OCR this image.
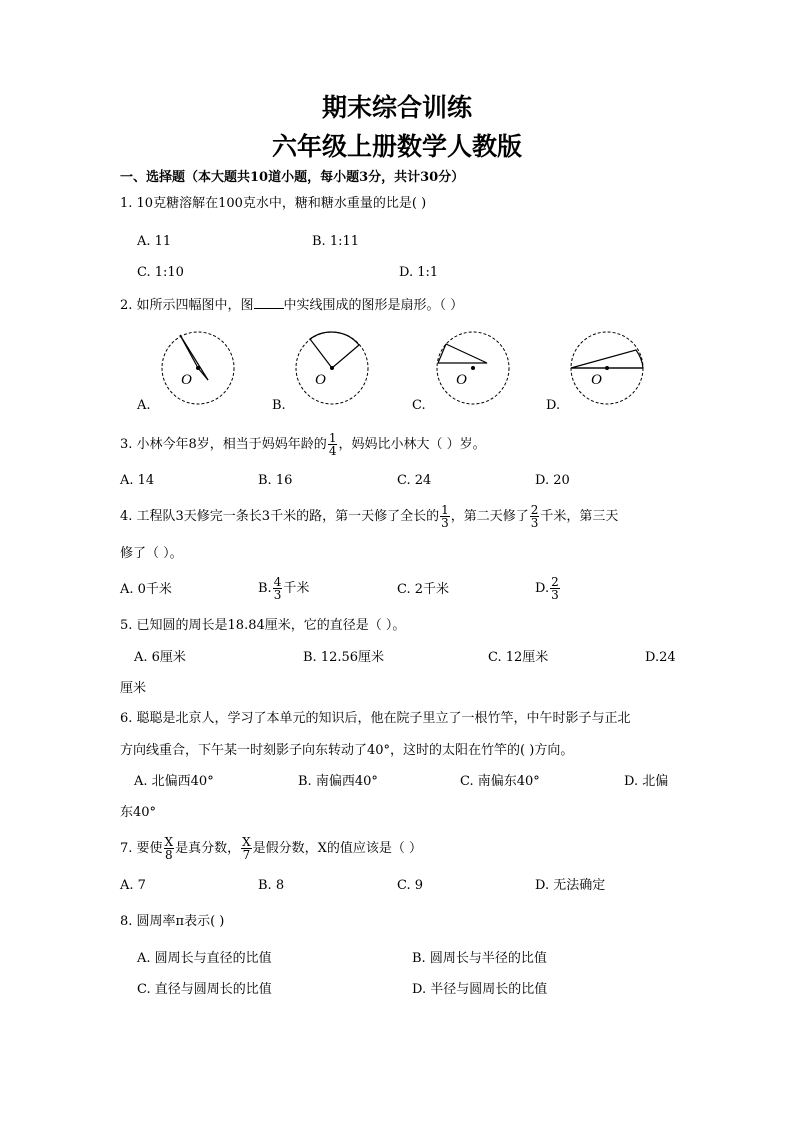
期末综合训练
六年级上册数学人教版
一、选择题（本大题共10道小题，每小题3分，共计30分）
1. 10克糖溶解在100克水中，糖和糖水重量的比是( )
A. 11	B. 1:11
C. 1:10	D. 1:1
2. 如所示四幅图中，图 中实线围成的图形是扇形。（ ）
O
A.
O
B.
O
C.
O
D.
3. 小林今年8岁，相当于妈妈年龄的 $\frac{1}{4}$ ，妈妈比小林大（ ）岁。
A. 14	B. 16	C. 24	D. 20
4. 工程队3天修完一条长3千米的路，第一天修了全长的 $\frac{1}{3}$ ，第二天修了 $\frac{2}{3}$ 千米，第三天
修了（ ）。
A. 0千米	B. $\frac{4}{3}$ 千米	C. 2千米	D. $\frac{2}{3}$
5. 已知圆的周长是18.84厘米，它的直径是（ ）。
A. 6厘米	B. 12.56厘米	C. 12厘米	D.24
厘米
6. 聪聪是北京人，学习了本单元的知识后，他在院子里立了一根竹竿，中午时影子与正北
方向线重合，下午某一时刻影子向东转动了40°，这时的太阳在竹竿的( )方向。
A. 北偏西40°	B. 南偏西40°	C. 南偏东40°	D. 北偏
东40°
7. 要使 $\frac{X}{8}$ 是真分数， $\frac{X}{7}$ 是假分数，X的值应该是（ ）
A. 7	B. 8	C. 9	D. 无法确定
8. 圆周率π表示( )
A. 圆周长与直径的比值	B. 圆周长与半径的比值
C. 直径与圆周长的比值	D. 半径与圆周长的比值
